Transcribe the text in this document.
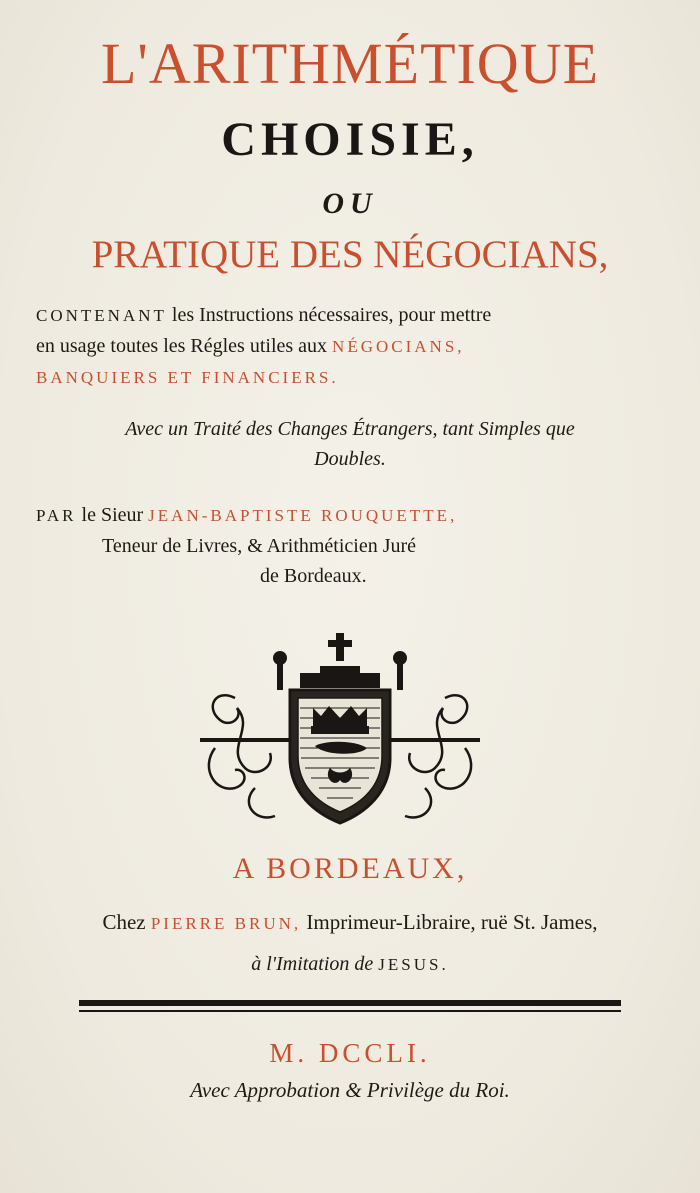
L'ARITHMÉTIQUE
CHOISIE,
OU
PRATIQUE DES NÉGOCIANS,
CONTENANT les Instructions nécessaires, pour mettre
en usage toutes les Régles utiles aux NÉGOCIANS,
BANQUIERS ET FINANCIERS.
Avec un Traité des Changes Étrangers, tant Simples que
Doubles.
PAR le Sieur JEAN-BAPTISTE ROUQUETTE,
Teneur de Livres, & Arithméticien Juré
de Bordeaux.
A BORDEAUX,
Chez PIERRE BRUN, Imprimeur-Libraire, ruë St. James,
à l'Imitation de JESUS.
M. DCCLI.
Avec Approbation & Privilège du Roi.
